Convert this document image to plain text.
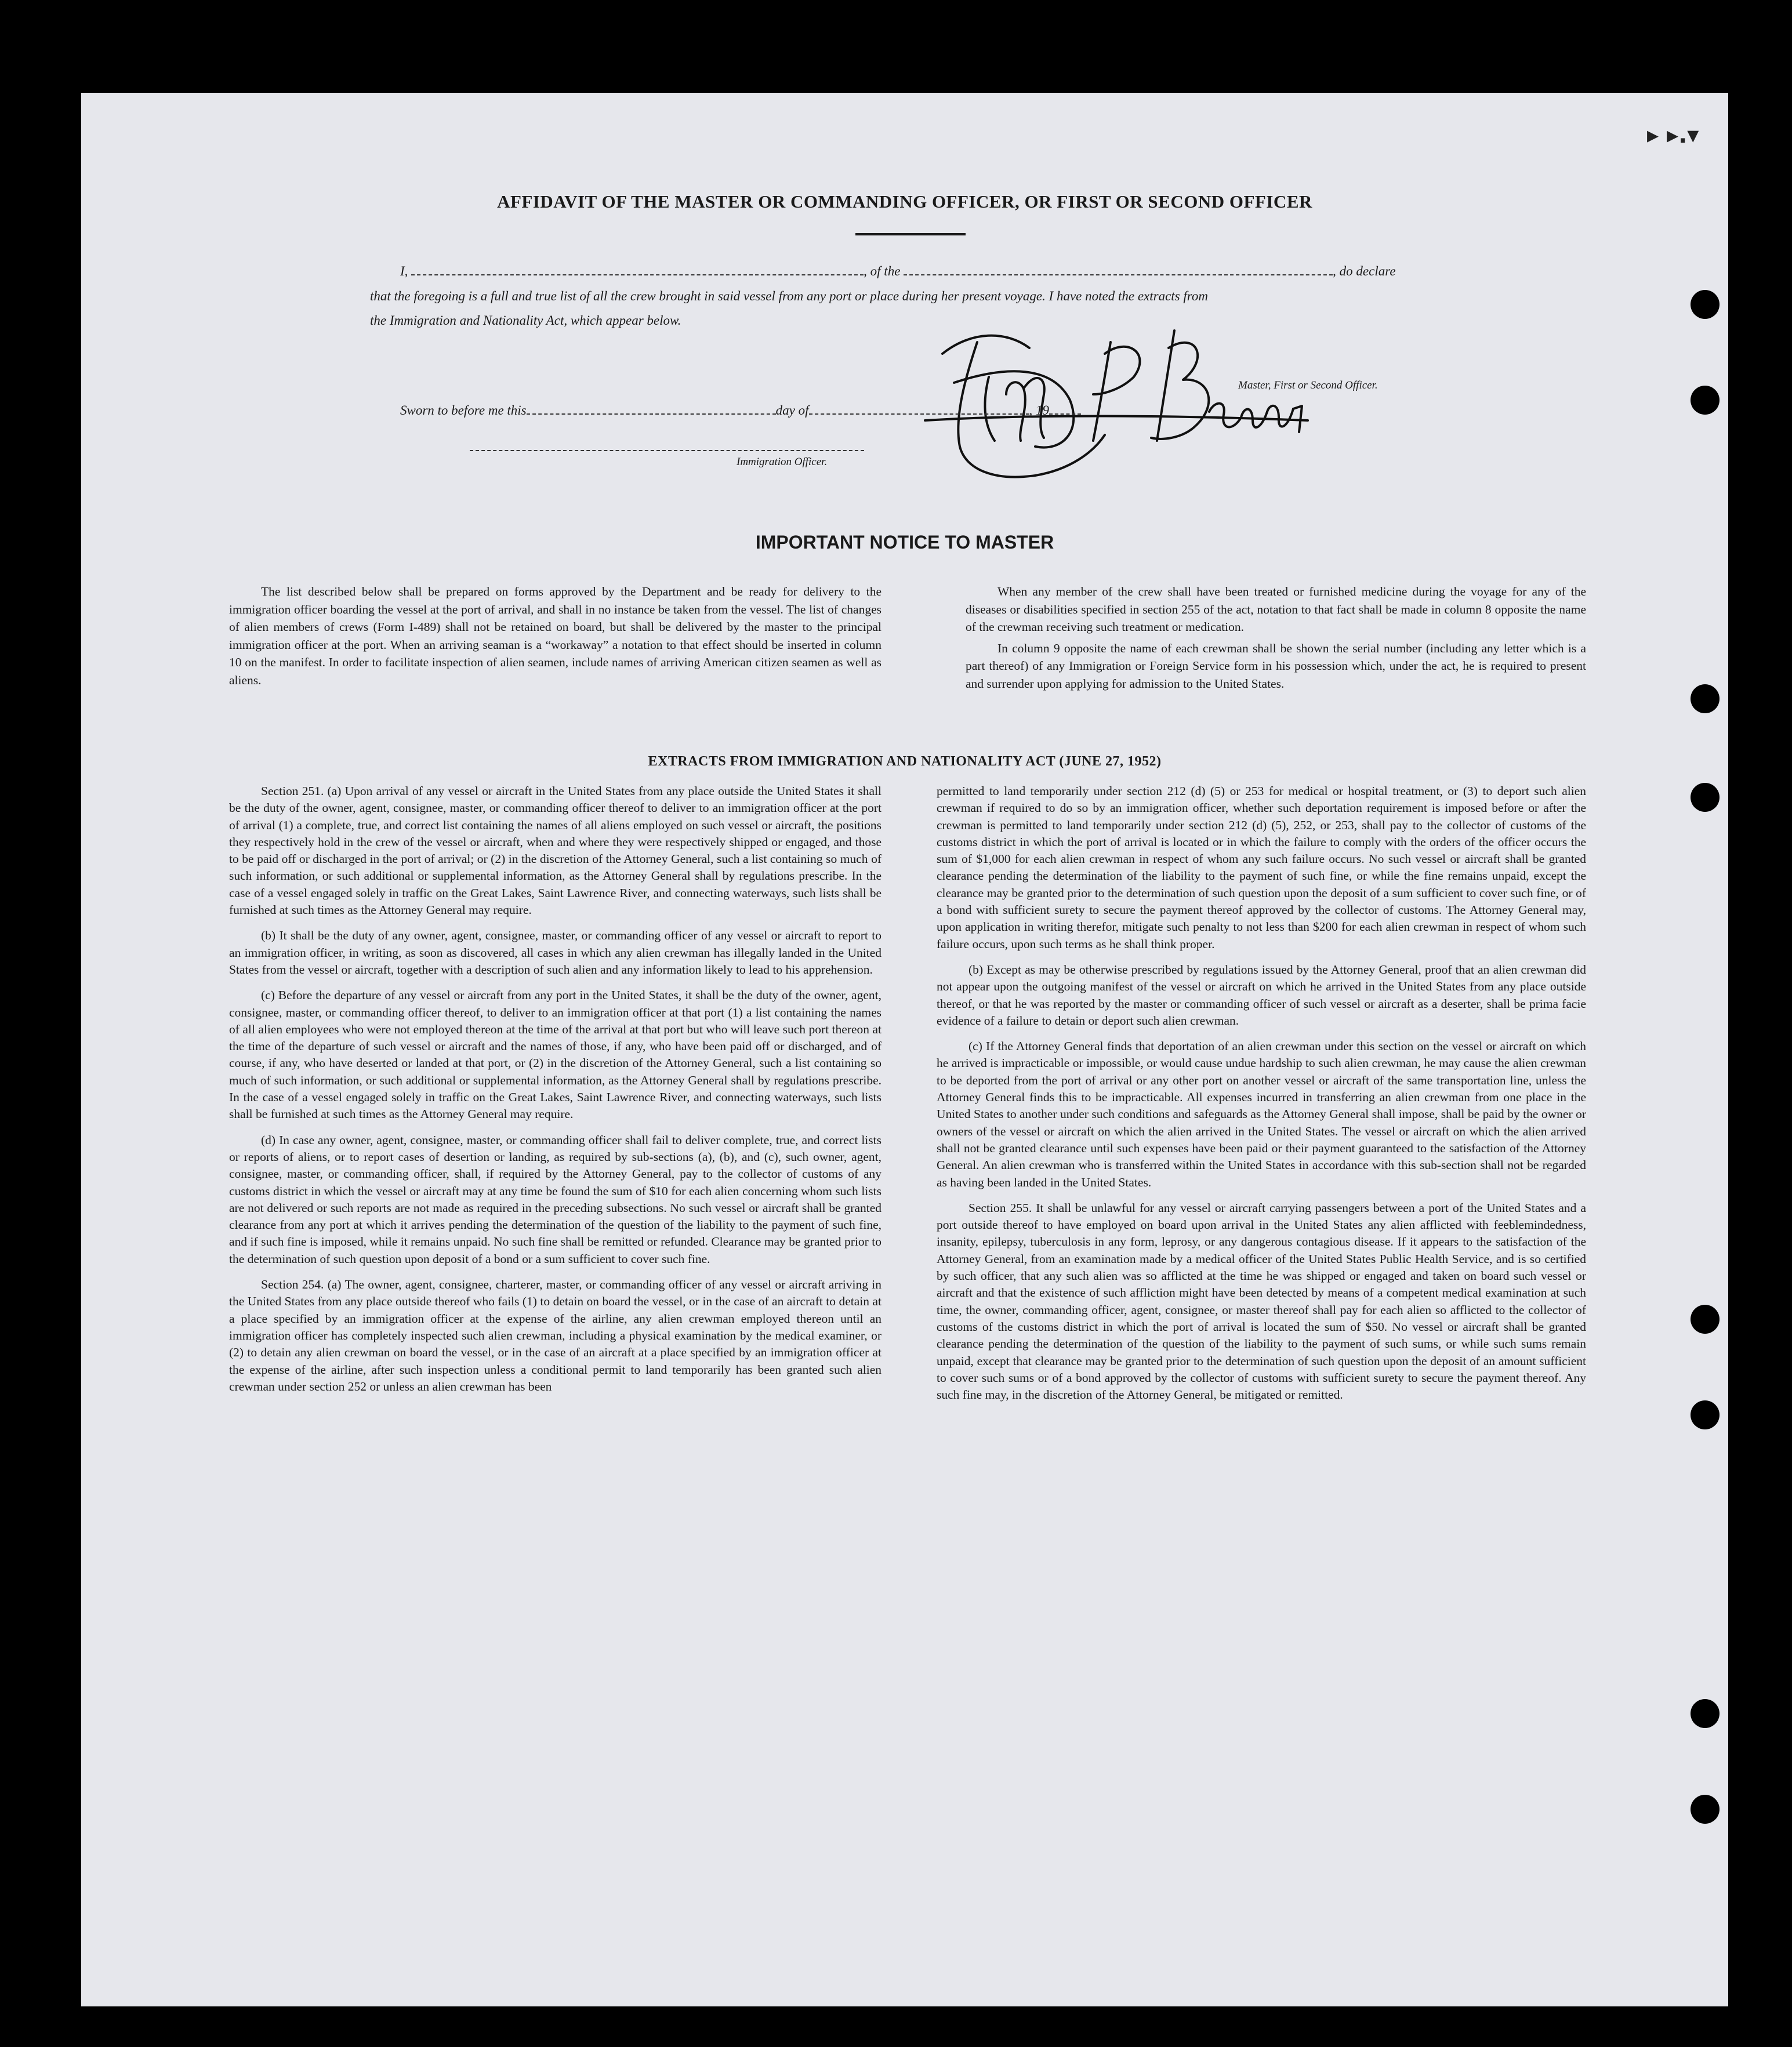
▸ ▸.▾
AFFIDAVIT OF THE MASTER OR COMMANDING OFFICER, OR FIRST OR SECOND OFFICER
I,	, of the	, do declare
that the foregoing is a full and true list of all the crew brought in said vessel from any port or place during her present voyage. I have noted the extracts from
the Immigration and Nationality Act, which appear below.
Master, First or Second Officer.
Sworn to before me this	day of	, 19
Immigration Officer.
IMPORTANT NOTICE TO MASTER

The list described below shall be prepared on forms approved by the Department and be ready for delivery to the immigration officer boarding the vessel at the port of arrival, and shall in no instance be taken from the vessel. The list of changes of alien members of crews (Form I-489) shall not be retained on board, but shall be delivered by the master to the principal immigration officer at the port. When an arriving seaman is a “workaway” a notation to that effect should be inserted in column 10 on the manifest. In order to facilitate inspection of alien seamen, include names of arriving American citizen seamen as well as aliens.

When any member of the crew shall have been treated or furnished medicine during the voyage for any of the diseases or disabilities specified in section 255 of the act, notation to that fact shall be made in column 8 opposite the name of the crewman receiving such treatment or medication.

In column 9 opposite the name of each crewman shall be shown the serial number (including any letter which is a part thereof) of any Immigration or Foreign Service form in his possession which, under the act, he is required to present and surrender upon applying for admission to the United States.

EXTRACTS FROM IMMIGRATION AND NATIONALITY ACT (JUNE 27, 1952)

Section 251. (a) Upon arrival of any vessel or aircraft in the United States from any place outside the United States it shall be the duty of the owner, agent, consignee, master, or commanding officer thereof to deliver to an immigration officer at the port of arrival (1) a complete, true, and correct list containing the names of all aliens employed on such vessel or aircraft, the positions they respectively hold in the crew of the vessel or aircraft, when and where they were respectively shipped or engaged, and those to be paid off or discharged in the port of arrival; or (2) in the discretion of the Attorney General, such a list containing so much of such information, or such additional or supplemental information, as the Attorney General shall by regulations prescribe. In the case of a vessel engaged solely in traffic on the Great Lakes, Saint Lawrence River, and connecting waterways, such lists shall be furnished at such times as the Attorney General may require.

(b) It shall be the duty of any owner, agent, consignee, master, or commanding officer of any vessel or aircraft to report to an immigration officer, in writing, as soon as discovered, all cases in which any alien crewman has illegally landed in the United States from the vessel or aircraft, together with a description of such alien and any information likely to lead to his apprehension.

(c) Before the departure of any vessel or aircraft from any port in the United States, it shall be the duty of the owner, agent, consignee, master, or commanding officer thereof, to deliver to an immigration officer at that port (1) a list containing the names of all alien employees who were not employed thereon at the time of the arrival at that port but who will leave such port thereon at the time of the departure of such vessel or aircraft and the names of those, if any, who have been paid off or discharged, and of course, if any, who have deserted or landed at that port, or (2) in the discretion of the Attorney General, such a list containing so much of such information, or such additional or supplemental information, as the Attorney General shall by regulations prescribe. In the case of a vessel engaged solely in traffic on the Great Lakes, Saint Lawrence River, and connecting waterways, such lists shall be furnished at such times as the Attorney General may require.

(d) In case any owner, agent, consignee, master, or commanding officer shall fail to deliver complete, true, and correct lists or reports of aliens, or to report cases of desertion or landing, as required by sub-sections (a), (b), and (c), such owner, agent, consignee, master, or commanding officer, shall, if required by the Attorney General, pay to the collector of customs of any customs district in which the vessel or aircraft may at any time be found the sum of $10 for each alien concerning whom such lists are not delivered or such reports are not made as required in the preceding subsections. No such vessel or aircraft shall be granted clearance from any port at which it arrives pending the determination of the question of the liability to the payment of such fine, and if such fine is imposed, while it remains unpaid. No such fine shall be remitted or refunded. Clearance may be granted prior to the determination of such question upon deposit of a bond or a sum sufficient to cover such fine.

Section 254. (a) The owner, agent, consignee, charterer, master, or commanding officer of any vessel or aircraft arriving in the United States from any place outside thereof who fails (1) to detain on board the vessel, or in the case of an aircraft to detain at a place specified by an immigration officer at the expense of the airline, any alien crewman employed thereon until an immigration officer has completely inspected such alien crewman, including a physical examination by the medical examiner, or (2) to detain any alien crewman on board the vessel, or in the case of an aircraft at a place specified by an immigration officer at the expense of the airline, after such inspection unless a conditional permit to land temporarily has been granted such alien crewman under section 252 or unless an alien crewman has been

permitted to land temporarily under section 212 (d) (5) or 253 for medical or hospital treatment, or (3) to deport such alien crewman if required to do so by an immigration officer, whether such deportation requirement is imposed before or after the crewman is permitted to land temporarily under section 212 (d) (5), 252, or 253, shall pay to the collector of customs of the customs district in which the port of arrival is located or in which the failure to comply with the orders of the officer occurs the sum of $1,000 for each alien crewman in respect of whom any such failure occurs. No such vessel or aircraft shall be granted clearance pending the determination of the liability to the payment of such fine, or while the fine remains unpaid, except the clearance may be granted prior to the determination of such question upon the deposit of a sum sufficient to cover such fine, or of a bond with sufficient surety to secure the payment thereof approved by the collector of customs. The Attorney General may, upon application in writing therefor, mitigate such penalty to not less than $200 for each alien crewman in respect of whom such failure occurs, upon such terms as he shall think proper.

(b) Except as may be otherwise prescribed by regulations issued by the Attorney General, proof that an alien crewman did not appear upon the outgoing manifest of the vessel or aircraft on which he arrived in the United States from any place outside thereof, or that he was reported by the master or commanding officer of such vessel or aircraft as a deserter, shall be prima facie evidence of a failure to detain or deport such alien crewman.

(c) If the Attorney General finds that deportation of an alien crewman under this section on the vessel or aircraft on which he arrived is impracticable or impossible, or would cause undue hardship to such alien crewman, he may cause the alien crewman to be deported from the port of arrival or any other port on another vessel or aircraft of the same transportation line, unless the Attorney General finds this to be impracticable. All expenses incurred in transferring an alien crewman from one place in the United States to another under such conditions and safeguards as the Attorney General shall impose, shall be paid by the owner or owners of the vessel or aircraft on which the alien arrived in the United States. The vessel or aircraft on which the alien arrived shall not be granted clearance until such expenses have been paid or their payment guaranteed to the satisfaction of the Attorney General. An alien crewman who is transferred within the United States in accordance with this sub-section shall not be regarded as having been landed in the United States.

Section 255. It shall be unlawful for any vessel or aircraft carrying passengers between a port of the United States and a port outside thereof to have employed on board upon arrival in the United States any alien afflicted with feeblemindedness, insanity, epilepsy, tuberculosis in any form, leprosy, or any dangerous contagious disease. If it appears to the satisfaction of the Attorney General, from an examination made by a medical officer of the United States Public Health Service, and is so certified by such officer, that any such alien was so afflicted at the time he was shipped or engaged and taken on board such vessel or aircraft and that the existence of such affliction might have been detected by means of a competent medical examination at such time, the owner, commanding officer, agent, consignee, or master thereof shall pay for each alien so afflicted to the collector of customs of the customs district in which the port of arrival is located the sum of $50. No vessel or aircraft shall be granted clearance pending the determination of the question of the liability to the payment of such sums, or while such sums remain unpaid, except that clearance may be granted prior to the determination of such question upon the deposit of an amount sufficient to cover such sums or of a bond approved by the collector of customs with sufficient surety to secure the payment thereof. Any such fine may, in the discretion of the Attorney General, be mitigated or remitted.
